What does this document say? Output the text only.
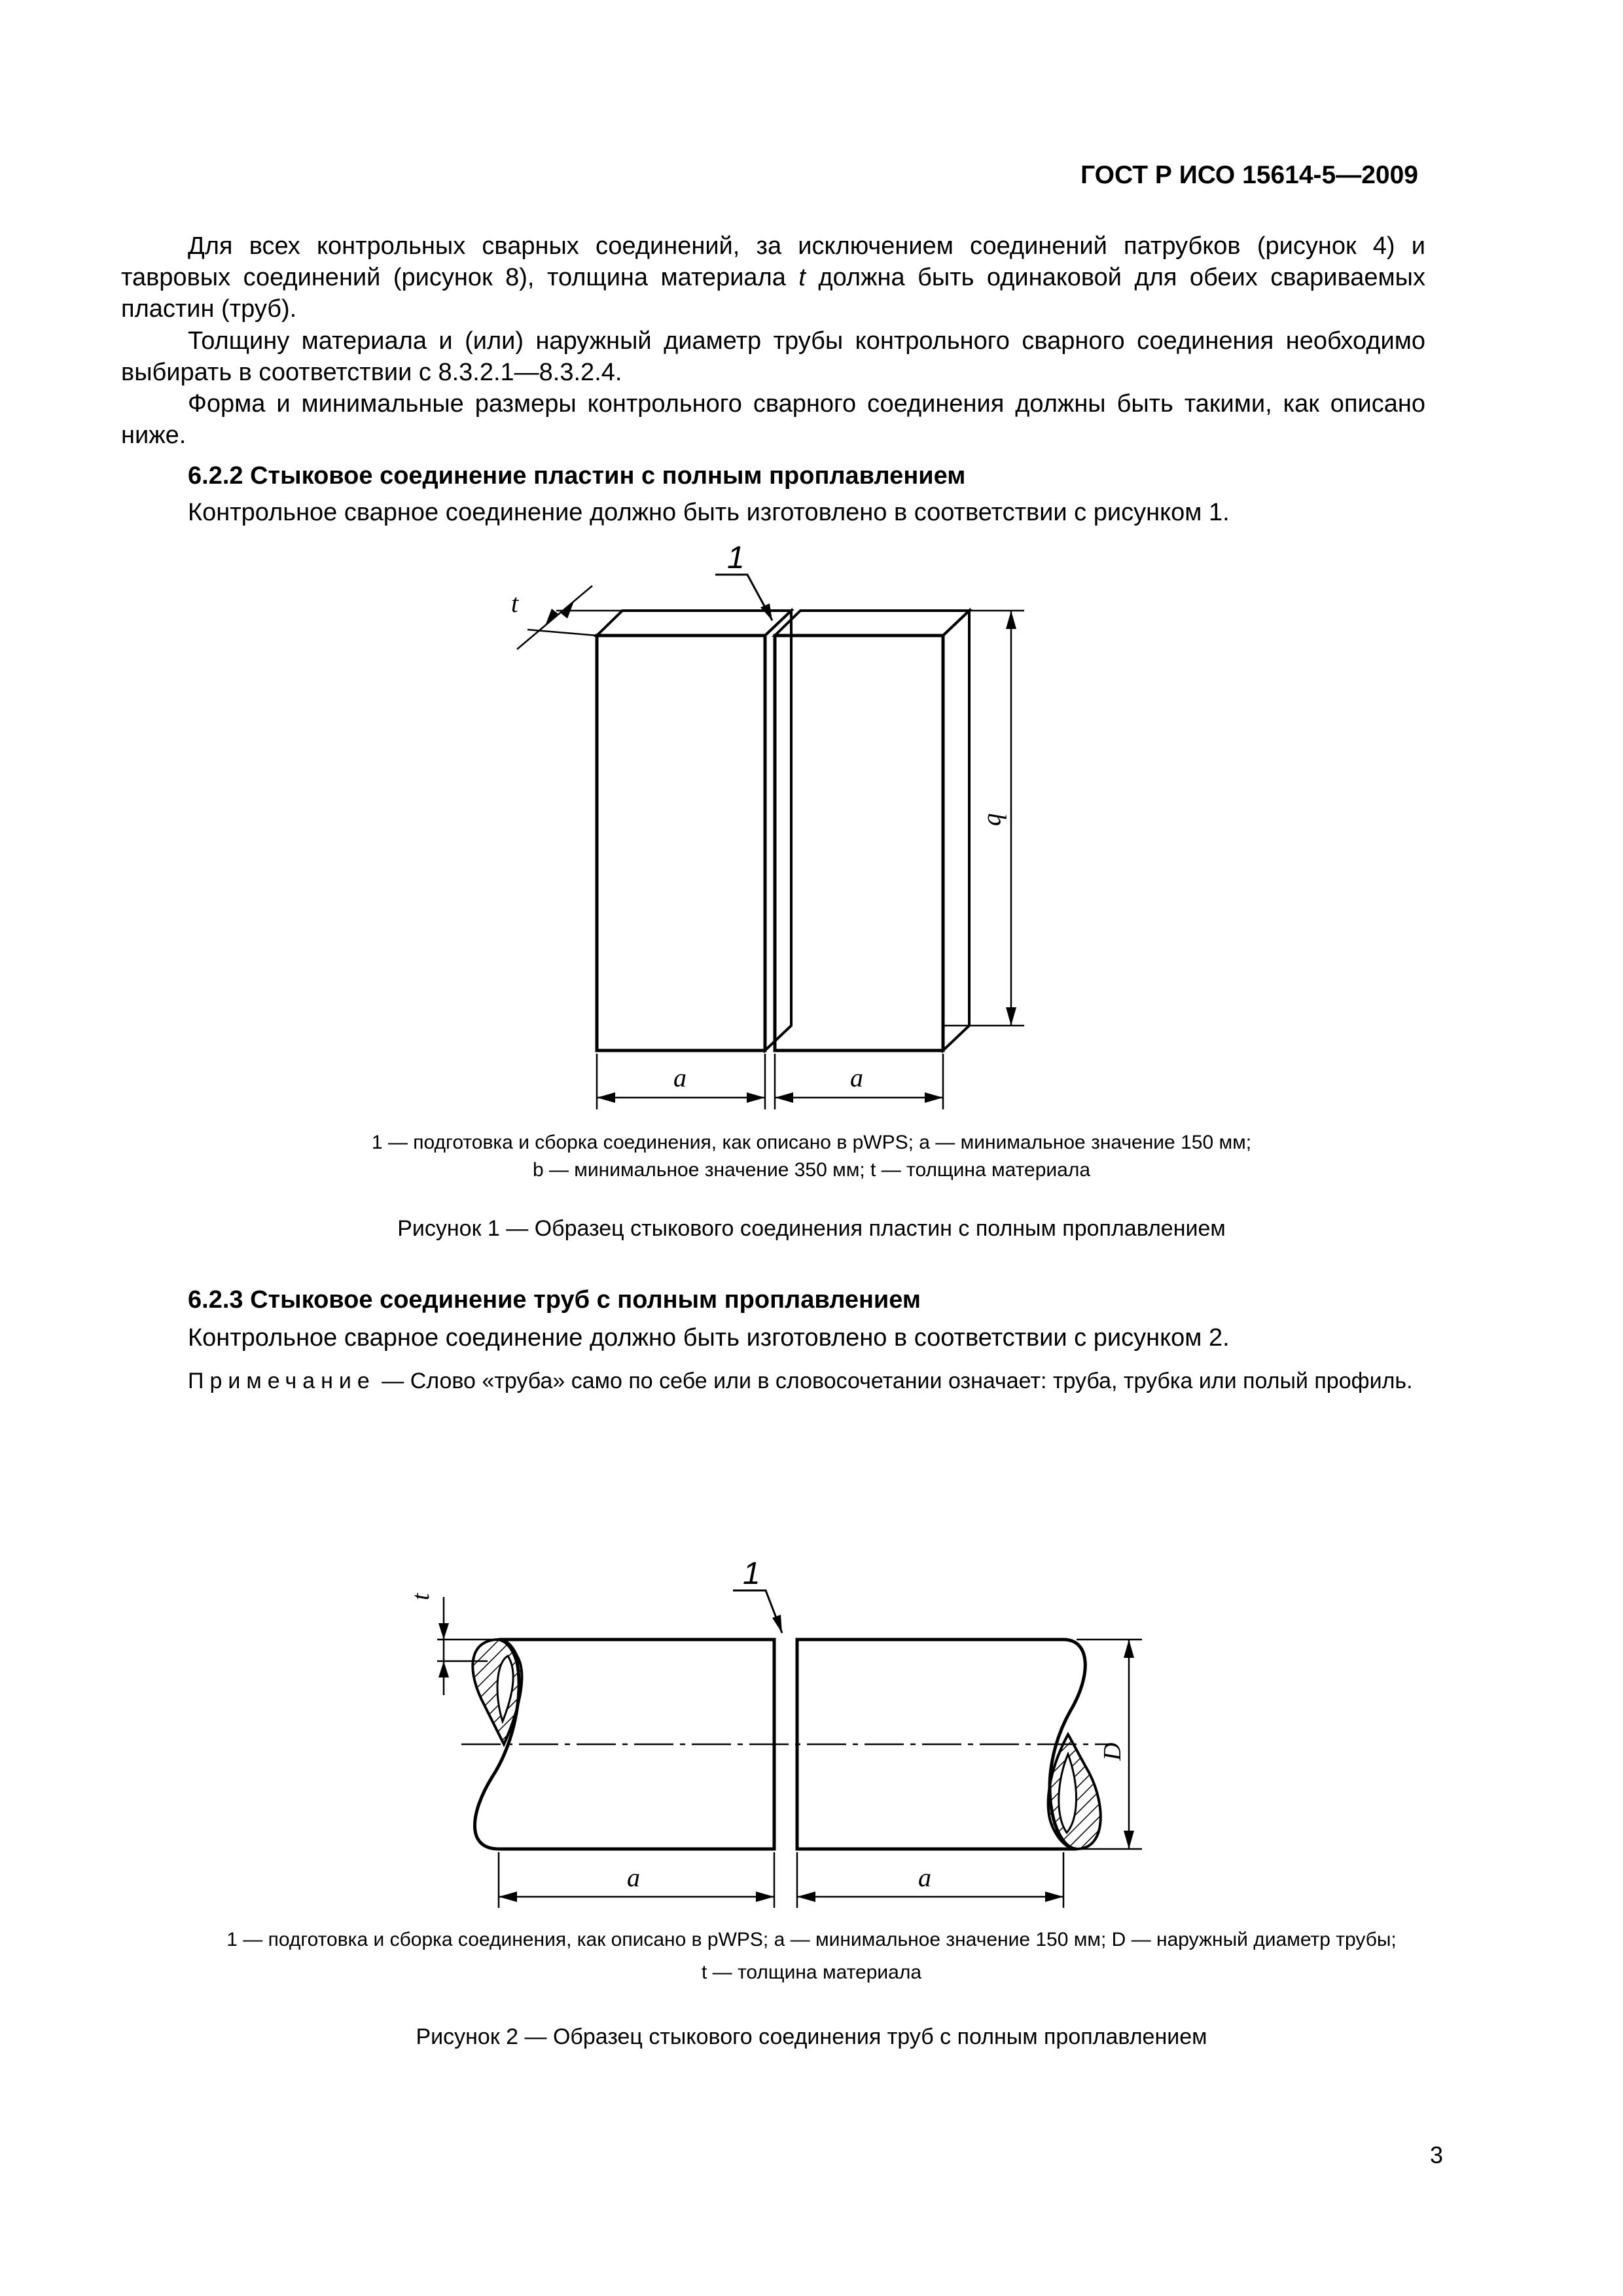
ГОСТ Р ИСО 15614-5—2009

Для всех контрольных сварных соединений, за исключением соединений патрубков (рисунок 4) и тавровых соединений (рисунок 8), толщина материала t должна быть одинаковой для обеих свариваемых пластин (труб).

Толщину материала и (или) наружный диаметр трубы контрольного сварного соединения необходимо выбирать в соответствии с 8.3.2.1—8.3.2.4.

Форма и минимальные размеры контрольного сварного соединения должны быть такими, как описано ниже.

6.2.2 Стыковое соединение пластин с полным проплавлением
Контрольное сварное соединение должно быть изготовлено в соответствии с рисунком 1.
1
t
a	a
b
1 — подготовка и сборка соединения, как описано в pWPS; a — минимальное значение 150 мм;
b — минимальное значение 350 мм; t — толщина материала
Рисунок 1 — Образец стыкового соединения пластин с полным проплавлением
6.2.3 Стыковое соединение труб с полным проплавлением
Контрольное сварное соединение должно быть изготовлено в соответствии с рисунком 2.

Примечание — Слово «труба» само по себе или в словосочетании означает: труба, трубка или полый профиль.

1
t
a	a
D
1 — подготовка и сборка соединения, как описано в pWPS; a — минимальное значение 150 мм; D — наружный диаметр трубы;
t — толщина материала
Рисунок 2 — Образец стыкового соединения труб с полным проплавлением
3
